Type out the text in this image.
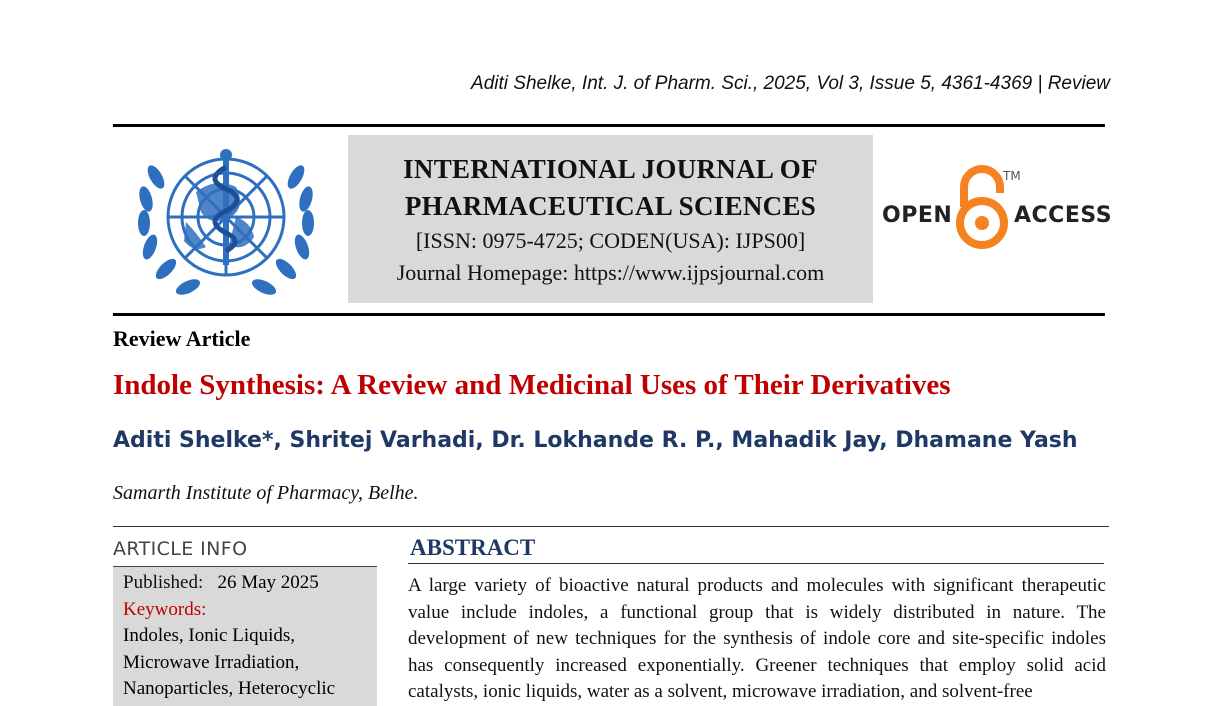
Aditi Shelke, Int. J. of Pharm. Sci., 2025, Vol 3, Issue 5, 4361-4369 | Review
INTERNATIONAL JOURNAL OF
PHARMACEUTICAL SCIENCES
[ISSN: 0975-4725; CODEN(USA): IJPS00]
Journal Homepage: https://www.ijpsjournal.com
OPEN
TM
ACCESS
Review Article
Indole Synthesis: A Review and Medicinal Uses of Their Derivatives
Aditi Shelke*, Shritej Varhadi, Dr. Lokhande R. P., Mahadik Jay, Dhamane Yash
Samarth Institute of Pharmacy, Belhe.
ARTICLE INFO
Published: 26 May 2025
Keywords:
Indoles, Ionic Liquids,
Microwave Irradiation,
Nanoparticles, Heterocyclic
ABSTRACT
A large variety of bioactive natural products and molecules with significant therapeutic value include indoles, a functional group that is widely distributed in nature. The development of new techniques for the synthesis of indole core and site-specific indoles has consequently increased exponentially. Greener techniques that employ solid acid catalysts, ionic liquids, water as a solvent, microwave irradiation, and solvent-free
